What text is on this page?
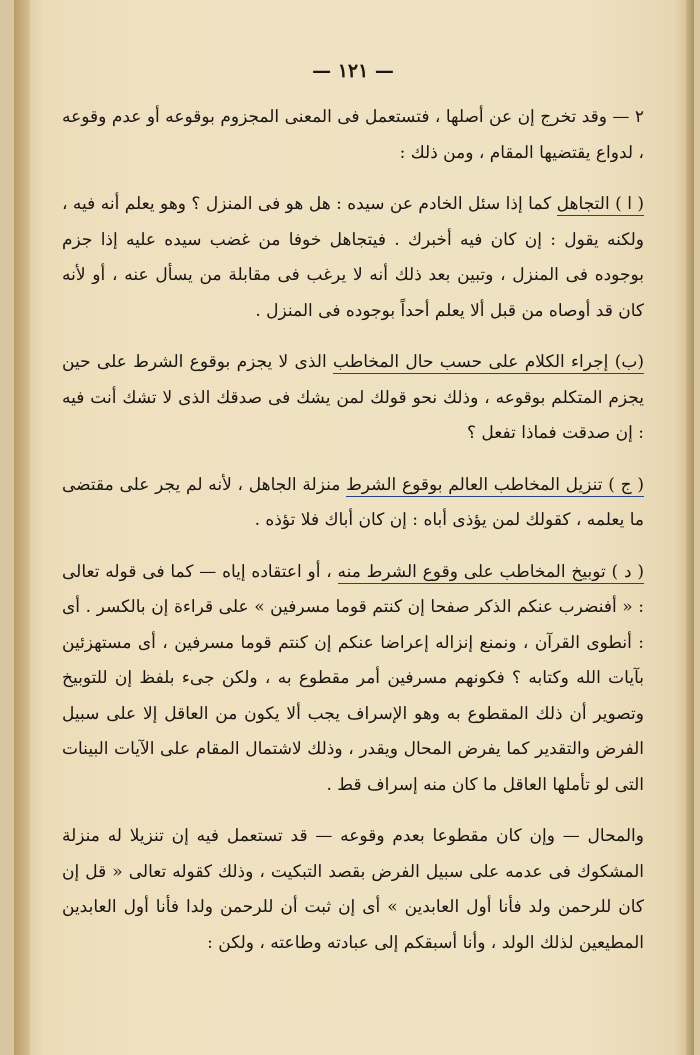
— ١٢١ —

٢ — وقد تخرج إن عن أصلها ، فتستعمل فى المعنى المجزوم بوقوعه أو عدم وقوعه ، لدواع يقتضيها المقام ، ومن ذلك :

( ا ) التجاهل كما إذا سئل الخادم عن سيده : هل هو فى المنزل ؟ وهو يعلم أنه فيه ، ولكنه يقول : إن كان فيه أخبرك . فيتجاهل خوفا من غضب سيده عليه إذا جزم بوجوده فى المنزل ، وتبين بعد ذلك أنه لا يرغب فى مقابلة من يسأل عنه ، أو لأنه كان قد أوصاه من قبل ألا يعلم أحداً بوجوده فى المنزل .

(ب) إجراء الكلام على حسب حال المخاطب الذى لا يجزم بوقوع الشرط على حين يجزم المتكلم بوقوعه ، وذلك نحو قولك لمن يشك فى صدقك الذى لا تشك أنت فيه : إن صدقت فماذا تفعل ؟

( ج ) تنزيل المخاطب العالم بوقوع الشرط منزلة الجاهل ، لأنه لم يجر على مقتضى ما يعلمه ، كقولك لمن يؤذى أباه : إن كان أباك فلا تؤذه .

( د ) توبيخ المخاطب على وقوع الشرط منه ، أو اعتقاده إياه — كما فى قوله تعالى : « أفنضرب عنكم الذكر صفحا إن كنتم قوما مسرفين » على قراءة إن بالكسر . أى : أنطوى القرآن ، ونمنع إنزاله إعراضا عنكم إن كنتم قوما مسرفين ، أى مستهزئين بآيات الله وكتابه ؟ فكونهم مسرفين أمر مقطوع به ، ولكن جىء بلفظ إن للتوبيخ وتصوير أن ذلك المقطوع به وهو الإسراف يجب ألا يكون من العاقل إلا على سبيل الفرض والتقدير كما يفرض المحال ويقدر ، وذلك لاشتمال المقام على الآيات البينات التى لو تأملها العاقل ما كان منه إسراف قط .

والمحال — وإن كان مقطوعا بعدم وقوعه — قد تستعمل فيه إن تنزيلا له منزلة المشكوك فى عدمه على سبيل الفرض بقصد التبكيت ، وذلك كقوله تعالى « قل إن كان للرحمن ولد فأنا أول العابدين » أى إن ثبت أن للرحمن ولدا فأنا أول العابدين المطيعين لذلك الولد ، وأنا أسبقكم إلى عبادته وطاعته ، ولكن :
